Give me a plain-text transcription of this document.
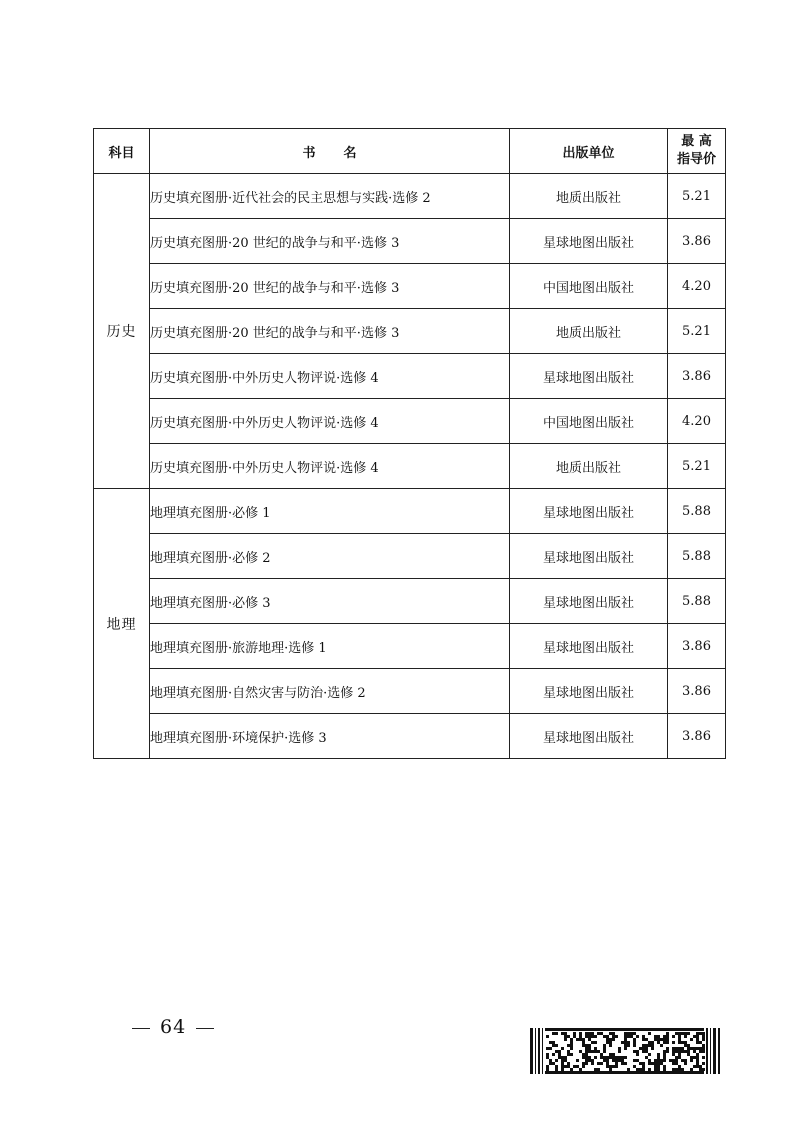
科目	书名	出版单位	最 高
指导价

历史	历史填充图册·近代社会的民主思想与实践·选修 2	地质出版社	5.21
	历史填充图册·20 世纪的战争与和平·选修 3	星球地图出版社	3.86
	历史填充图册·20 世纪的战争与和平·选修 3	中国地图出版社	4.20
	历史填充图册·20 世纪的战争与和平·选修 3	地质出版社	5.21
	历史填充图册·中外历史人物评说·选修 4	星球地图出版社	3.86
	历史填充图册·中外历史人物评说·选修 4	中国地图出版社	4.20
	历史填充图册·中外历史人物评说·选修 4	地质出版社	5.21
地理	地理填充图册·必修 1	星球地图出版社	5.88
	地理填充图册·必修 2	星球地图出版社	5.88
	地理填充图册·必修 3	星球地图出版社	5.88
	地理填充图册·旅游地理·选修 1	星球地图出版社	3.86
	地理填充图册·自然灾害与防治·选修 2	星球地图出版社	3.86
	地理填充图册·环境保护·选修 3	星球地图出版社	3.86
64
